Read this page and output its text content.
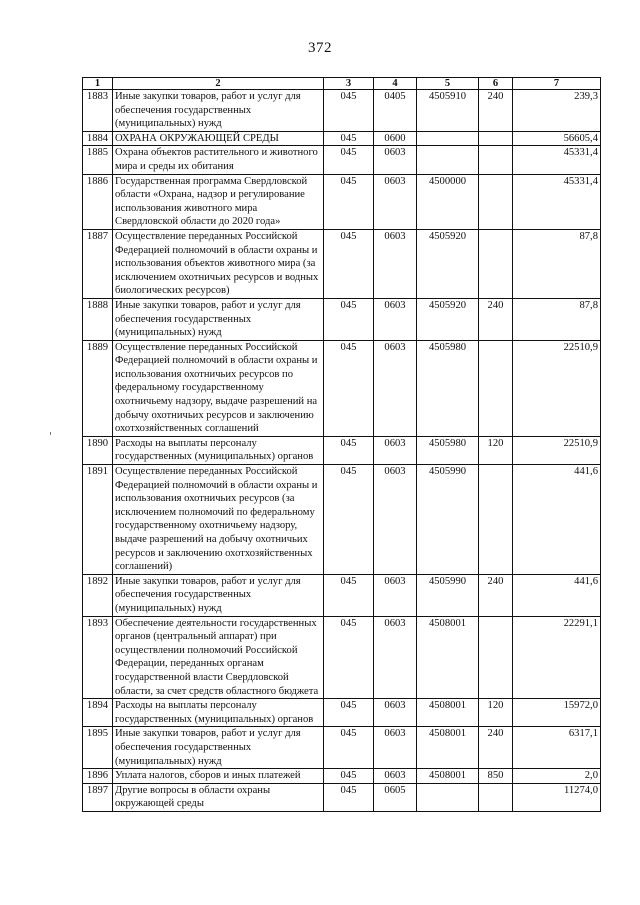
372
1	2	3	4	5	6	7
1883	Иные закупки товаров, работ и услуг для обеспечения государственных (муниципальных) нужд	045	0405	4505910	240	239,3
1884	ОХРАНА ОКРУЖАЮЩЕЙ СРЕДЫ	045	0600			56605,4
1885	Охрана объектов растительного и животного мира и среды их обитания	045	0603			45331,4
1886	Государственная программа Свердловской области «Охрана, надзор и регулирование использования животного мира Свердловской области до 2020 года»	045	0603	4500000		45331,4
1887	Осуществление переданных Российской Федерацией полномочий в области охраны и использования объектов животного мира (за исключением охотничьих ресурсов и водных биологических ресурсов)	045	0603	4505920		87,8
1888	Иные закупки товаров, работ и услуг для обеспечения государственных (муниципальных) нужд	045	0603	4505920	240	87,8
1889	Осуществление переданных Российской Федерацией полномочий в области охраны и использования охотничьих ресурсов по федеральному государственному охотничьему надзору, выдаче разрешений на добычу охотничьих ресурсов и заключению охотхозяйственных соглашений	045	0603	4505980		22510,9
1890	Расходы на выплаты персоналу государственных (муниципальных) органов	045	0603	4505980	120	22510,9
1891	Осуществление переданных Российской Федерацией полномочий в области охраны и использования охотничьих ресурсов (за исключением полномочий по федеральному государственному охотничьему надзору, выдаче разрешений на добычу охотничьих ресурсов и заключению охотхозяйственных соглашений)	045	0603	4505990		441,6
1892	Иные закупки товаров, работ и услуг для обеспечения государственных (муниципальных) нужд	045	0603	4505990	240	441,6
1893	Обеспечение деятельности государственных органов (центральный аппарат) при осуществлении полномочий Российской Федерации, переданных органам государственной власти Свердловской области, за счет средств областного бюджета	045	0603	4508001		22291,1
1894	Расходы на выплаты персоналу государственных (муниципальных) органов	045	0603	4508001	120	15972,0
1895	Иные закупки товаров, работ и услуг для обеспечения государственных (муниципальных) нужд	045	0603	4508001	240	6317,1
1896	Уплата налогов, сборов и иных платежей	045	0603	4508001	850	2,0
1897	Другие вопросы в области охраны окружающей среды	045	0605			11274,0
